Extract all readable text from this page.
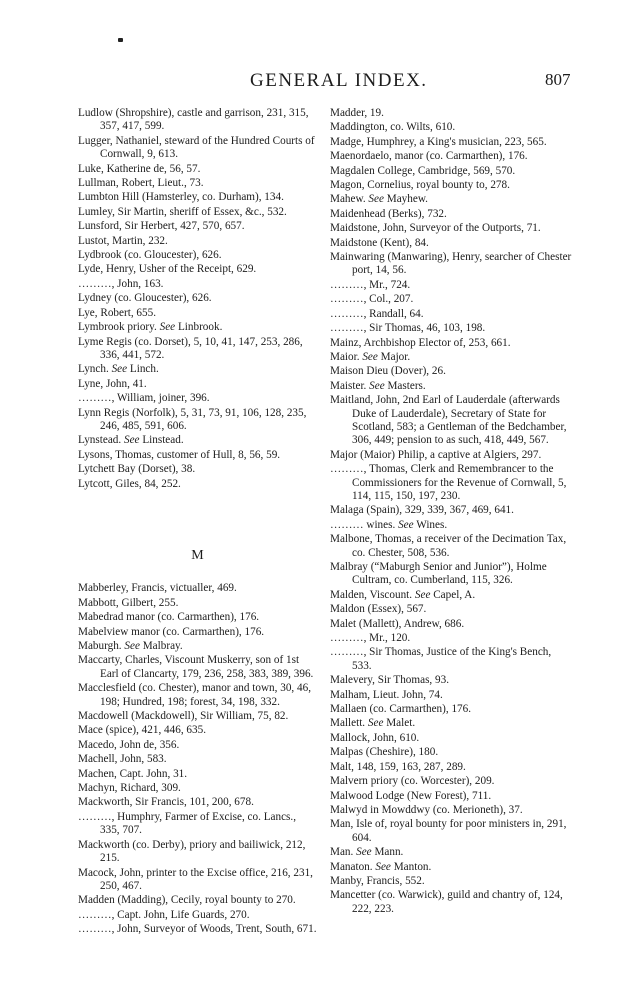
GENERAL INDEX.	807
Ludlow (Shropshire), castle and garrison, 231, 315, 357, 417, 599.
Lugger, Nathaniel, steward of the Hundred Courts of Cornwall, 9, 613.
Luke, Katherine de, 56, 57.
Lullman, Robert, Lieut., 73.
Lumbton Hill (Hamsterley, co. Durham), 134.
Lumley, Sir Martin, sheriff of Essex, &c., 532.
Lunsford, Sir Herbert, 427, 570, 657.
Lustot, Martin, 232.
Lydbrook (co. Gloucester), 626.
Lyde, Henry, Usher of the Receipt, 629.
………, John, 163.
Lydney (co. Gloucester), 626.
Lye, Robert, 655.
Lymbrook priory. See Linbrook.
Lyme Regis (co. Dorset), 5, 10, 41, 147, 253, 286, 336, 441, 572.
Lynch. See Linch.
Lyne, John, 41.
………, William, joiner, 396.
Lynn Regis (Norfolk), 5, 31, 73, 91, 106, 128, 235, 246, 485, 591, 606.
Lynstead. See Linstead.
Lysons, Thomas, customer of Hull, 8, 56, 59.
Lytchett Bay (Dorset), 38.
Lytcott, Giles, 84, 252.
M
Mabberley, Francis, victualler, 469.
Mabbott, Gilbert, 255.
Mabedrad manor (co. Carmarthen), 176.
Mabelview manor (co. Carmarthen), 176.
Maburgh. See Malbray.
Maccarty, Charles, Viscount Muskerry, son of 1st Earl of Clancarty, 179, 236, 258, 383, 389, 396.
Macclesfield (co. Chester), manor and town, 30, 46, 198; Hundred, 198; forest, 34, 198, 332.
Macdowell (Mackdowell), Sir William, 75, 82.
Mace (spice), 421, 446, 635.
Macedo, John de, 356.
Machell, John, 583.
Machen, Capt. John, 31.
Machyn, Richard, 309.
Mackworth, Sir Francis, 101, 200, 678.
………, Humphry, Farmer of Excise, co. Lancs., 335, 707.
Mackworth (co. Derby), priory and bailiwick, 212, 215.
Macock, John, printer to the Excise office, 216, 231, 250, 467.
Madden (Madding), Cecily, royal bounty to 270.
………, Capt. John, Life Guards, 270.
………, John, Surveyor of Woods, Trent, South, 671.
Madder, 19.
Maddington, co. Wilts, 610.
Madge, Humphrey, a King's musician, 223, 565.
Maenordaelo, manor (co. Carmarthen), 176.
Magdalen College, Cambridge, 569, 570.
Magon, Cornelius, royal bounty to, 278.
Mahew. See Mayhew.
Maidenhead (Berks), 732.
Maidstone, John, Surveyor of the Outports, 71.
Maidstone (Kent), 84.
Mainwaring (Manwaring), Henry, searcher of Chester port, 14, 56.
………, Mr., 724.
………, Col., 207.
………, Randall, 64.
………, Sir Thomas, 46, 103, 198.
Mainz, Archbishop Elector of, 253, 661.
Maior. See Major.
Maison Dieu (Dover), 26.
Maister. See Masters.
Maitland, John, 2nd Earl of Lauderdale (afterwards Duke of Lauderdale), Secretary of State for Scotland, 583; a Gentleman of the Bedchamber, 306, 449; pension to as such, 418, 449, 567.
Major (Maior) Philip, a captive at Algiers, 297.
………, Thomas, Clerk and Remembrancer to the Commissioners for the Revenue of Cornwall, 5, 114, 115, 150, 197, 230.
Malaga (Spain), 329, 339, 367, 469, 641.
……… wines. See Wines.
Malbone, Thomas, a receiver of the Decimation Tax, co. Chester, 508, 536.
Malbray (“Maburgh Senior and Junior”), Holme Cultram, co. Cumberland, 115, 326.
Malden, Viscount. See Capel, A.
Maldon (Essex), 567.
Malet (Mallett), Andrew, 686.
………, Mr., 120.
………, Sir Thomas, Justice of the King's Bench, 533.
Malevery, Sir Thomas, 93.
Malham, Lieut. John, 74.
Mallaen (co. Carmarthen), 176.
Mallett. See Malet.
Mallock, John, 610.
Malpas (Cheshire), 180.
Malt, 148, 159, 163, 287, 289.
Malvern priory (co. Worcester), 209.
Malwood Lodge (New Forest), 711.
Malwyd in Mowddwy (co. Merioneth), 37.
Man, Isle of, royal bounty for poor ministers in, 291, 604.
Man. See Mann.
Manaton. See Manton.
Manby, Francis, 552.
Mancetter (co. Warwick), guild and chantry of, 124, 222, 223.
